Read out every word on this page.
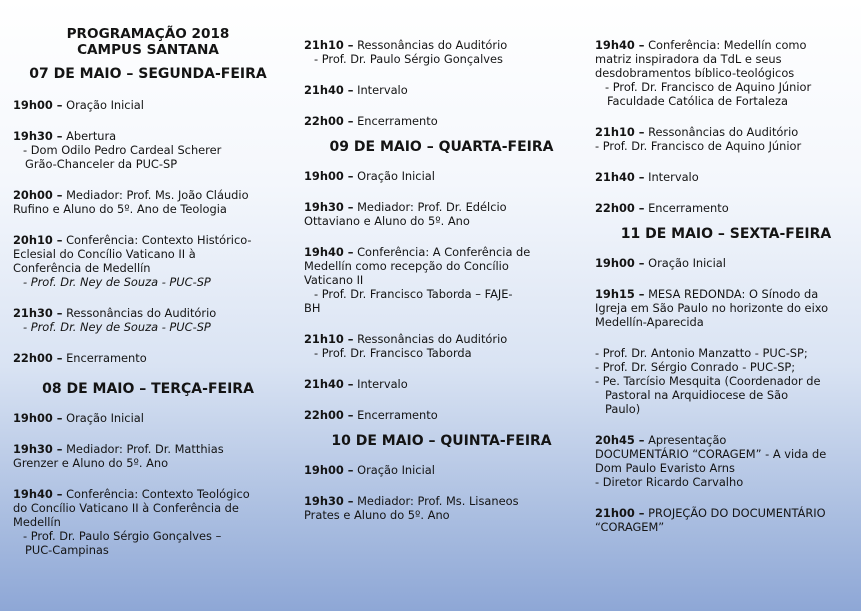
PROGRAMAÇÃO 2018
CAMPUS SANTANA
07 DE MAIO – SEGUNDA-FEIRA
19h00 – Oração Inicial
19h30 – Abertura
- Dom Odilo Pedro Cardeal Scherer
Grão-Chanceler da PUC-SP
20h00 – Mediador: Prof. Ms. João Cláudio
Rufino e Aluno do 5º. Ano de Teologia
20h10 – Conferência: Contexto Histórico-
Eclesial do Concílio Vaticano II à
Conferência de Medellín
- Prof. Dr. Ney de Souza - PUC-SP
21h30 – Ressonâncias do Auditório
- Prof. Dr. Ney de Souza - PUC-SP
22h00 – Encerramento
08 DE MAIO – TERÇA-FEIRA
19h00 – Oração Inicial
19h30 – Mediador: Prof. Dr. Matthias
Grenzer e Aluno do 5º. Ano
19h40 – Conferência: Contexto Teológico
do Concílio Vaticano II à Conferência de
Medellín
- Prof. Dr. Paulo Sérgio Gonçalves –
PUC-Campinas
21h10 – Ressonâncias do Auditório
- Prof. Dr. Paulo Sérgio Gonçalves
21h40 – Intervalo
22h00 – Encerramento
09 DE MAIO – QUARTA-FEIRA
19h00 – Oração Inicial
19h30 – Mediador: Prof. Dr. Edélcio
Ottaviano e Aluno do 5º. Ano
19h40 – Conferência: A Conferência de
Medellín como recepção do Concílio
Vaticano II
- Prof. Dr. Francisco Taborda – FAJE-
BH
21h10 – Ressonâncias do Auditório
- Prof. Dr. Francisco Taborda
21h40 – Intervalo
22h00 – Encerramento
10 DE MAIO – QUINTA-FEIRA
19h00 – Oração Inicial
19h30 – Mediador: Prof. Ms. Lisaneos
Prates e Aluno do 5º. Ano
19h40 – Conferência: Medellín como
matriz inspiradora da TdL e seus
desdobramentos bíblico-teológicos
- Prof. Dr. Francisco de Aquino Júnior
Faculdade Católica de Fortaleza
21h10 – Ressonâncias do Auditório
- Prof. Dr. Francisco de Aquino Júnior
21h40 – Intervalo
22h00 – Encerramento
11 DE MAIO – SEXTA-FEIRA
19h00 – Oração Inicial
19h15 – MESA REDONDA: O Sínodo da
Igreja em São Paulo no horizonte do eixo
Medellín-Aparecida
- Prof. Dr. Antonio Manzatto - PUC-SP;
- Prof. Dr. Sérgio Conrado - PUC-SP;
- Pe. Tarcísio Mesquita (Coordenador de
Pastoral na Arquidiocese de São
Paulo)
20h45 – Apresentação
DOCUMENTÁRIO “CORAGEM” - A vida de
Dom Paulo Evaristo Arns
- Diretor Ricardo Carvalho
21h00 – PROJEÇÃO DO DOCUMENTÁRIO
“CORAGEM”
